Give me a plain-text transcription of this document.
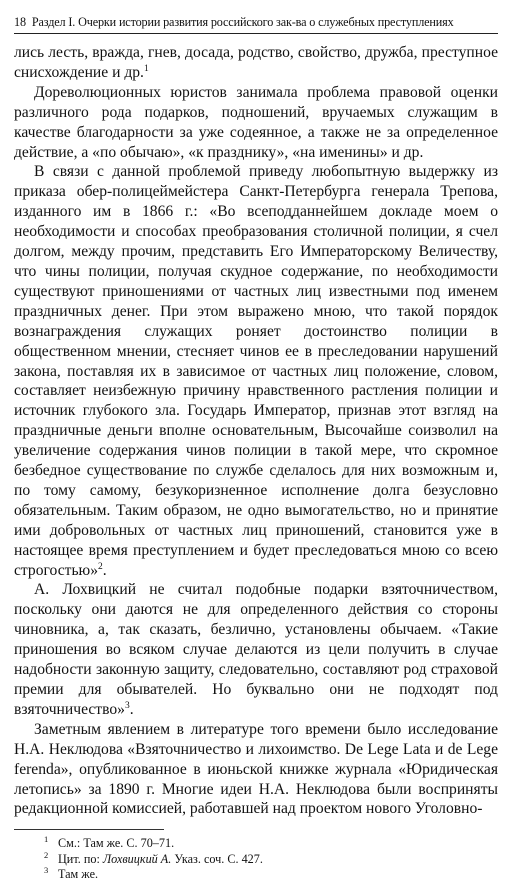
18 Раздел I. Очерки истории развития российского зак-ва о служебных преступлениях

лись лесть, вражда, гнев, досада, родство, свойство, дружба, преступное снисхождение и др.$^1$

Дореволюционных юристов занимала проблема правовой оценки различного рода подарков, подношений, вручаемых служащим в качестве благодарности за уже содеянное, а также не за определенное действие, а «по обычаю», «к празднику», «на именины» и др.

В связи с данной проблемой приведу любопытную выдержку из приказа обер-полицеймейстера Санкт-Петербурга генерала Трепова, изданного им в 1866 г.: «Во всеподданнейшем докладе моем о необходимости и способах преобразования столичной полиции, я счел долгом, между прочим, представить Его Императорскому Величеству, что чины полиции, получая скудное содержание, по необходимости существуют приношениями от частных лиц известными под именем праздничных денег. При этом выражено мною, что такой порядок вознаграждения служащих роняет достоинство полиции в общественном мнении, стесняет чинов ее в преследовании нарушений закона, поставляя их в зависимое от частных лиц положение, словом, составляет неизбежную причину нравственного растления полиции и источник глубокого зла. Государь Император, признав этот взгляд на праздничные деньги вполне основательным, Высочайше соизволил на увеличение содержания чинов полиции в такой мере, что скромное безбедное существование по службе сделалось для них возможным и, по тому самому, безукоризненное исполнение долга безусловно обязательным. Таким образом, не одно вымогательство, но и принятие ими добровольных от частных лиц приношений, становится уже в настоящее время преступлением и будет преследоваться мною со всею строгостью»$^2$.

А. Лохвицкий не считал подобные подарки взяточничеством, поскольку они даются не для определенного действия со стороны чиновника, а, так сказать, безлично, установлены обычаем. «Такие приношения во всяком случае делаются из цели получить в случае надобности законную защиту, следовательно, составляют род страховой премии для обывателей. Но буквально они не подходят под взяточничество»$^3$.

Заметным явлением в литературе того времени было исследование Н.А. Неклюдова «Взяточничество и лихоимство. De Lege Lata и de Lege ferenda», опубликованное в июньской книжке журнала «Юридическая летопись» за 1890 г. Многие идеи Н.А. Неклюдова были восприняты редакционной комиссией, работавшей над проектом нового Уголовно-

1 См.: Там же. С. 70–71.
2 Цит. по: Лохвицкий А. Указ. соч. С. 427.
3 Там же.
